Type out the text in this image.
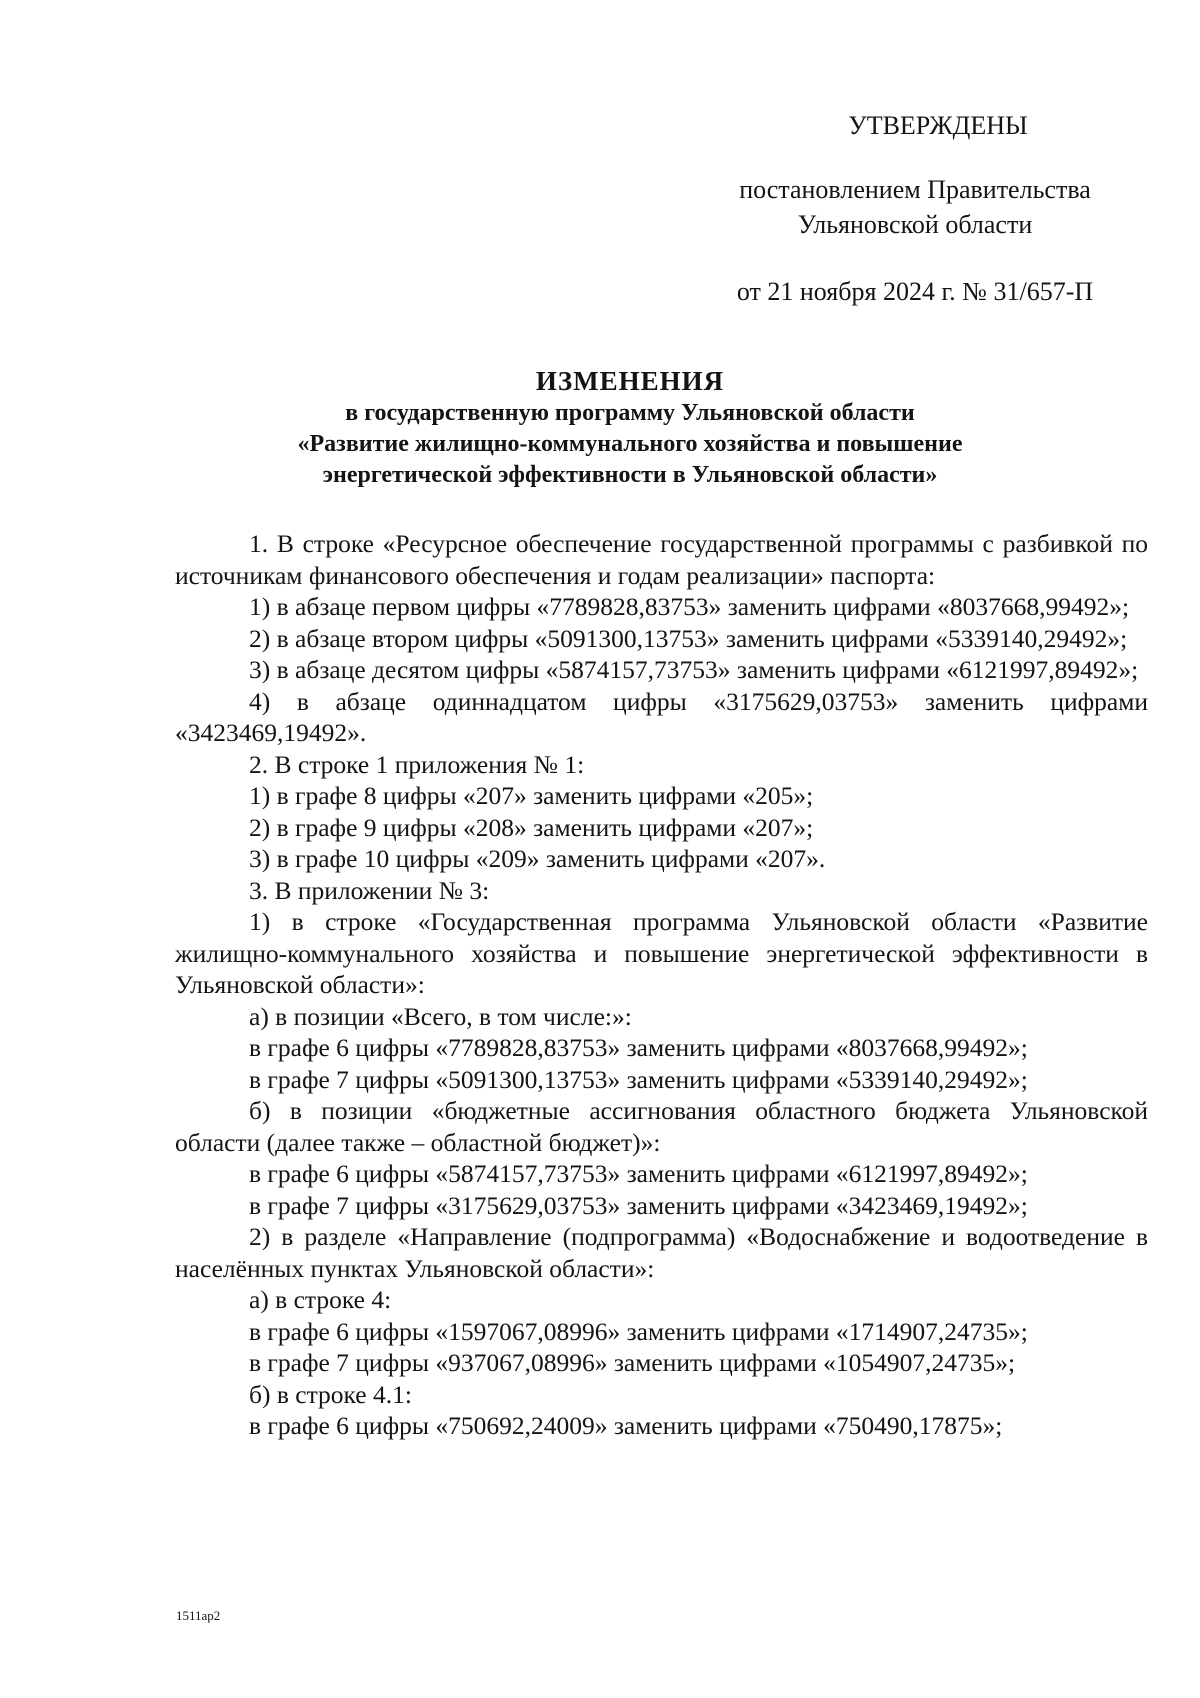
УТВЕРЖДЕНЫ
постановлением Правительства
Ульяновской области
от 21 ноября 2024 г. № 31/657-П
ИЗМЕНЕНИЯ
в государственную программу Ульяновской области
«Развитие жилищно-коммунального хозяйства и повышение
энергетической эффективности в Ульяновской области»

1. В строке «Ресурсное обеспечение государственной программы с разбивкой по источникам финансового обеспечения и годам реализации» паспорта:

1) в абзаце первом цифры «7789828,83753» заменить цифрами «8037668,99492»;

2) в абзаце втором цифры «5091300,13753» заменить цифрами «5339140,29492»;

3) в абзаце десятом цифры «5874157,73753» заменить цифрами «6121997,89492»;

4) в абзаце одиннадцатом цифры «3175629,03753» заменить цифрами «3423469,19492».

2. В строке 1 приложения № 1:

1) в графе 8 цифры «207» заменить цифрами «205»;

2) в графе 9 цифры «208» заменить цифрами «207»;

3) в графе 10 цифры «209» заменить цифрами «207».

3. В приложении № 3:

1) в строке «Государственная программа Ульяновской области «Развитие жилищно-коммунального хозяйства и повышение энергетической эффективности в Ульяновской области»:

а) в позиции «Всего, в том числе:»:

в графе 6 цифры «7789828,83753» заменить цифрами «8037668,99492»;

в графе 7 цифры «5091300,13753» заменить цифрами «5339140,29492»;

б) в позиции «бюджетные ассигнования областного бюджета Ульяновской области (далее также – областной бюджет)»:

в графе 6 цифры «5874157,73753» заменить цифрами «6121997,89492»;

в графе 7 цифры «3175629,03753» заменить цифрами «3423469,19492»;

2) в разделе «Направление (подпрограмма) «Водоснабжение и водоотведение в населённых пунктах Ульяновской области»:

а) в строке 4:

в графе 6 цифры «1597067,08996» заменить цифрами «1714907,24735»;

в графе 7 цифры «937067,08996» заменить цифрами «1054907,24735»;

б) в строке 4.1:

в графе 6 цифры «750692,24009» заменить цифрами «750490,17875»;

1511ар2
